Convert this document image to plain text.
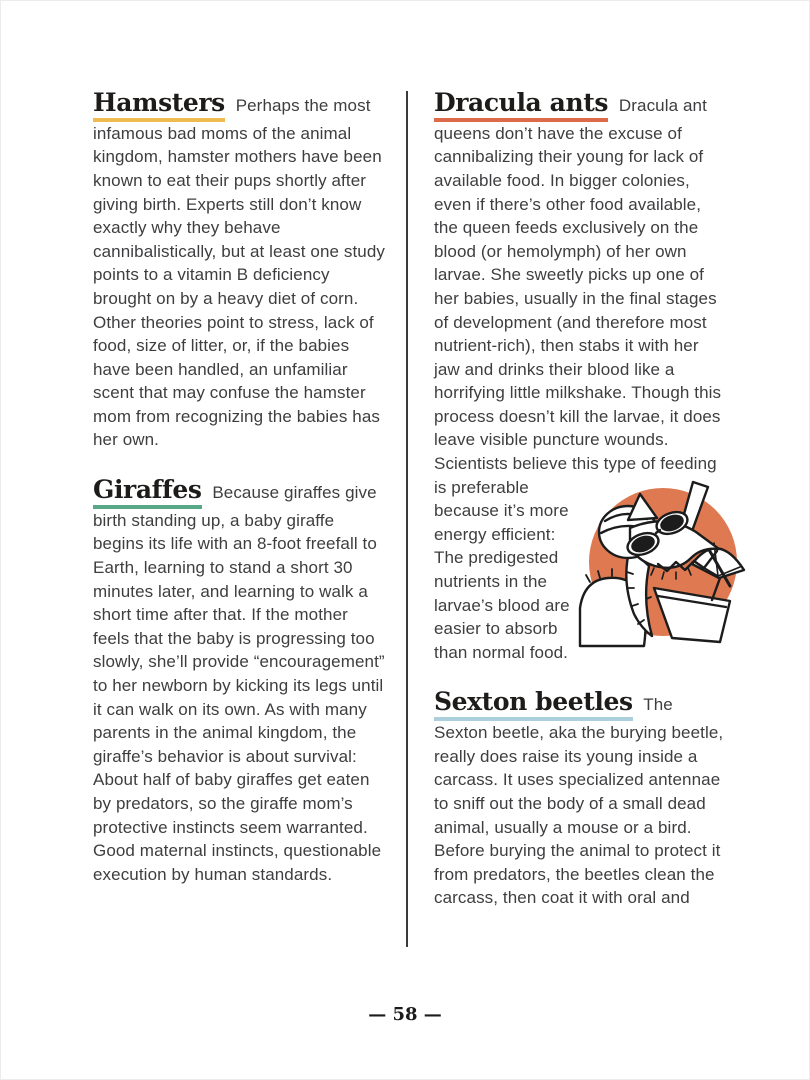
Hamsters Perhaps the most infamous bad moms of the animal kingdom, hamster mothers have been known to eat their pups shortly after giving birth. Experts still don’t know exactly why they behave cannibalistically, but at least one study points to a vitamin B deficiency brought on by a heavy diet of corn. Other theories point to stress, lack of food, size of litter, or, if the babies have been handled, an unfamiliar scent that may confuse the hamster mom from recognizing the babies has her own.

Giraffes Because giraffes give birth standing up, a baby giraffe begins its life with an 8-foot freefall to Earth, learning to stand a short 30 minutes later, and learning to walk a short time after that. If the mother feels that the baby is progressing too slowly, she’ll provide “encouragement” to her newborn by kicking its legs until it can walk on its own. As with many parents in the animal kingdom, the giraffe’s behavior is about survival: About half of baby giraffes get eaten by predators, so the giraffe mom’s protective instincts seem warranted. Good maternal instincts, questionable execution by human standards.

Dracula ants Dracula ant queens don’t have the excuse of cannibalizing their young for lack of available food. In bigger colonies, even if there’s other food available, the queen feeds exclusively on the blood (or hemolymph) of her own larvae. She sweetly picks up one of her babies, usually in the final stages of development (and therefore most nutrient-rich), then stabs it with her jaw and drinks their blood like a horrifying little milkshake. Though this process doesn’t kill the larvae, it does leave visible puncture wounds.
Scientists believe this type of feeding is preferable because it’s more energy efficient: The predigested nutrients in the larvae’s blood are easier to absorb than normal food.

Sexton beetles The Sexton beetle, aka the burying beetle, really does raise its young inside a carcass. It uses specialized antennae to sniff out the body of a small dead animal, usually a mouse or a bird. Before burying the animal to protect it from predators, the beetles clean the carcass, then coat it with oral and

— 58 —
